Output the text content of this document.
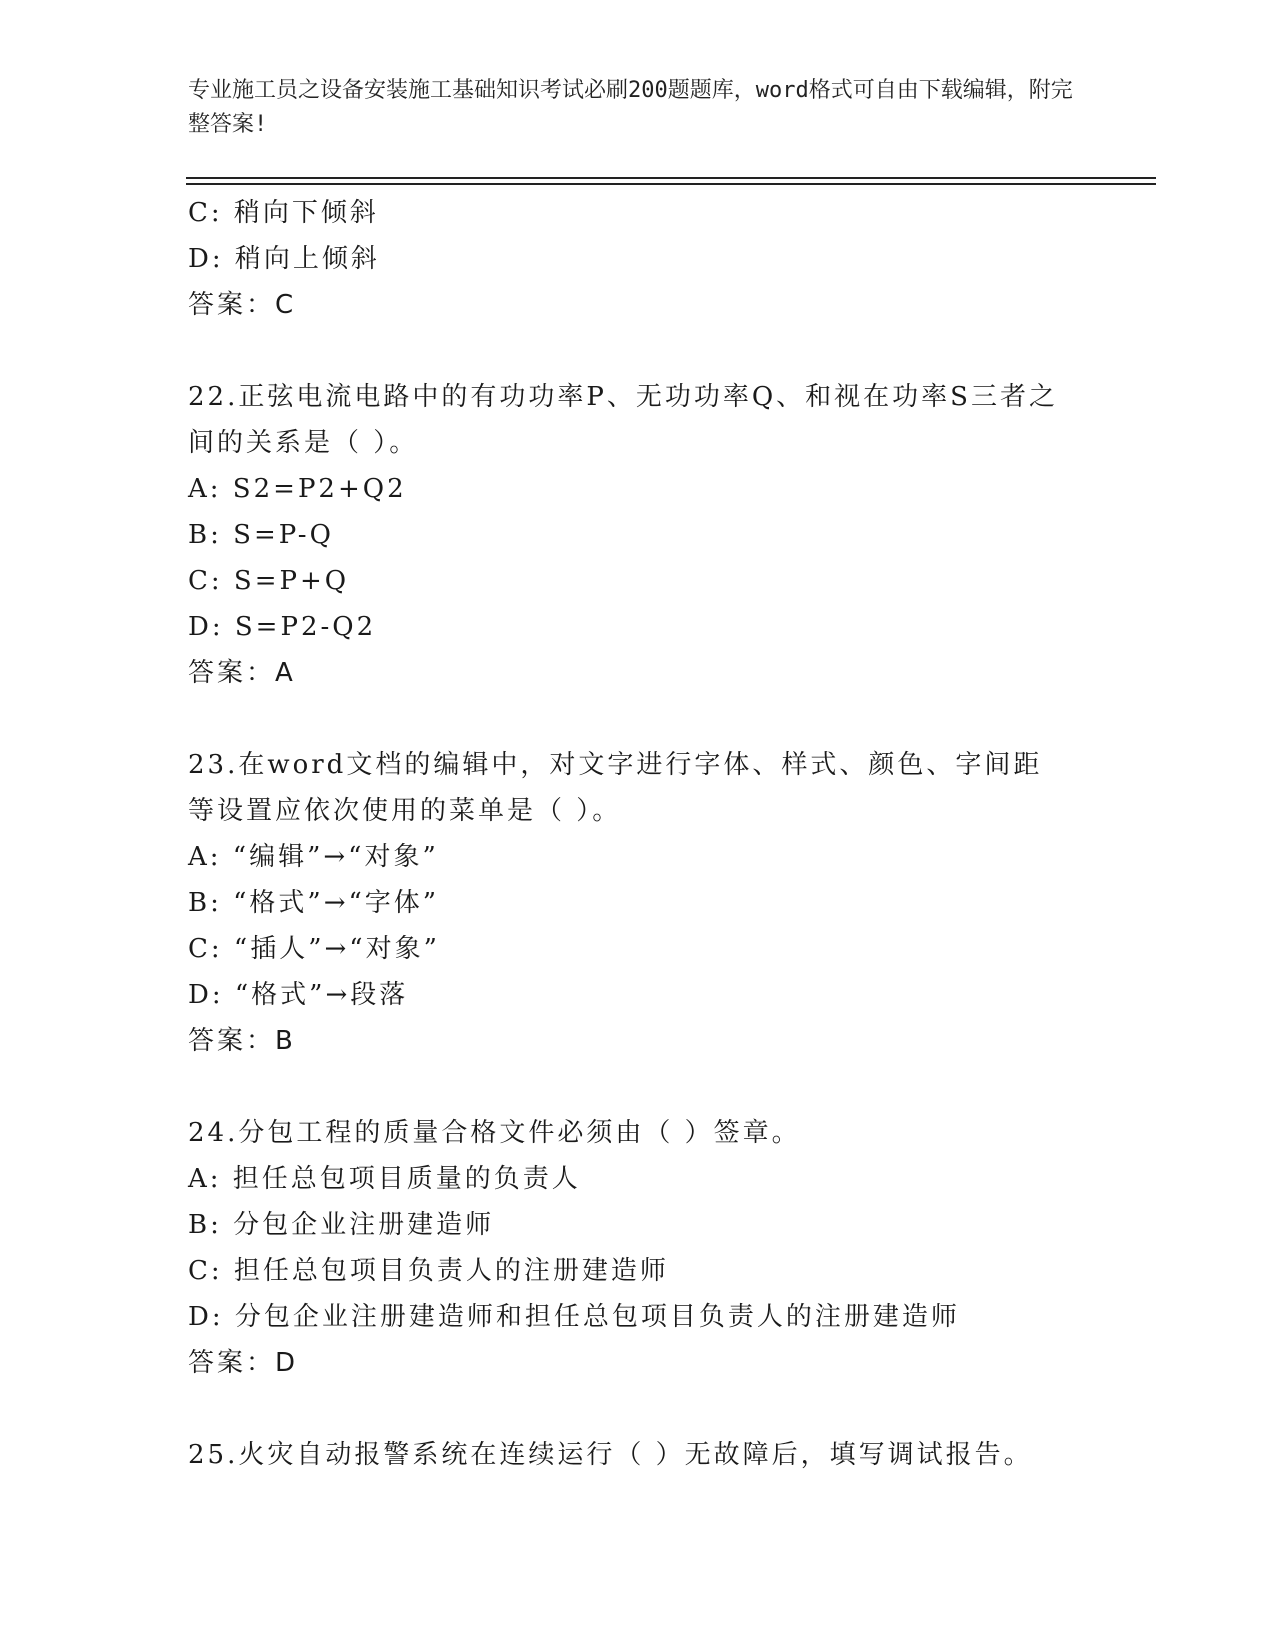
专业施工员之设备安装施工基础知识考试必刷200题题库，word格式可自由下载编辑，附完整答案!
C: 稍向下倾斜
D: 稍向上倾斜
答案：C
22.正弦电流电路中的有功功率P、无功功率Q、和视在功率S三者之间的关系是（ ）。
A: S2=P2+Q2
B: S=P-Q
C: S=P+Q
D: S=P2-Q2
答案：A
23.在word文档的编辑中，对文字进行字体、样式、颜色、字间距等设置应依次使用的菜单是（ ）。
A: “编辑”→“对象”
B: “格式”→“字体”
C: “插人”→“对象”
D: “格式”→段落
答案：B
24.分包工程的质量合格文件必须由（ ）签章。
A: 担任总包项目质量的负责人
B: 分包企业注册建造师
C: 担任总包项目负责人的注册建造师
D: 分包企业注册建造师和担任总包项目负责人的注册建造师
答案：D
25.火灾自动报警系统在连续运行（ ）无故障后，填写调试报告。
